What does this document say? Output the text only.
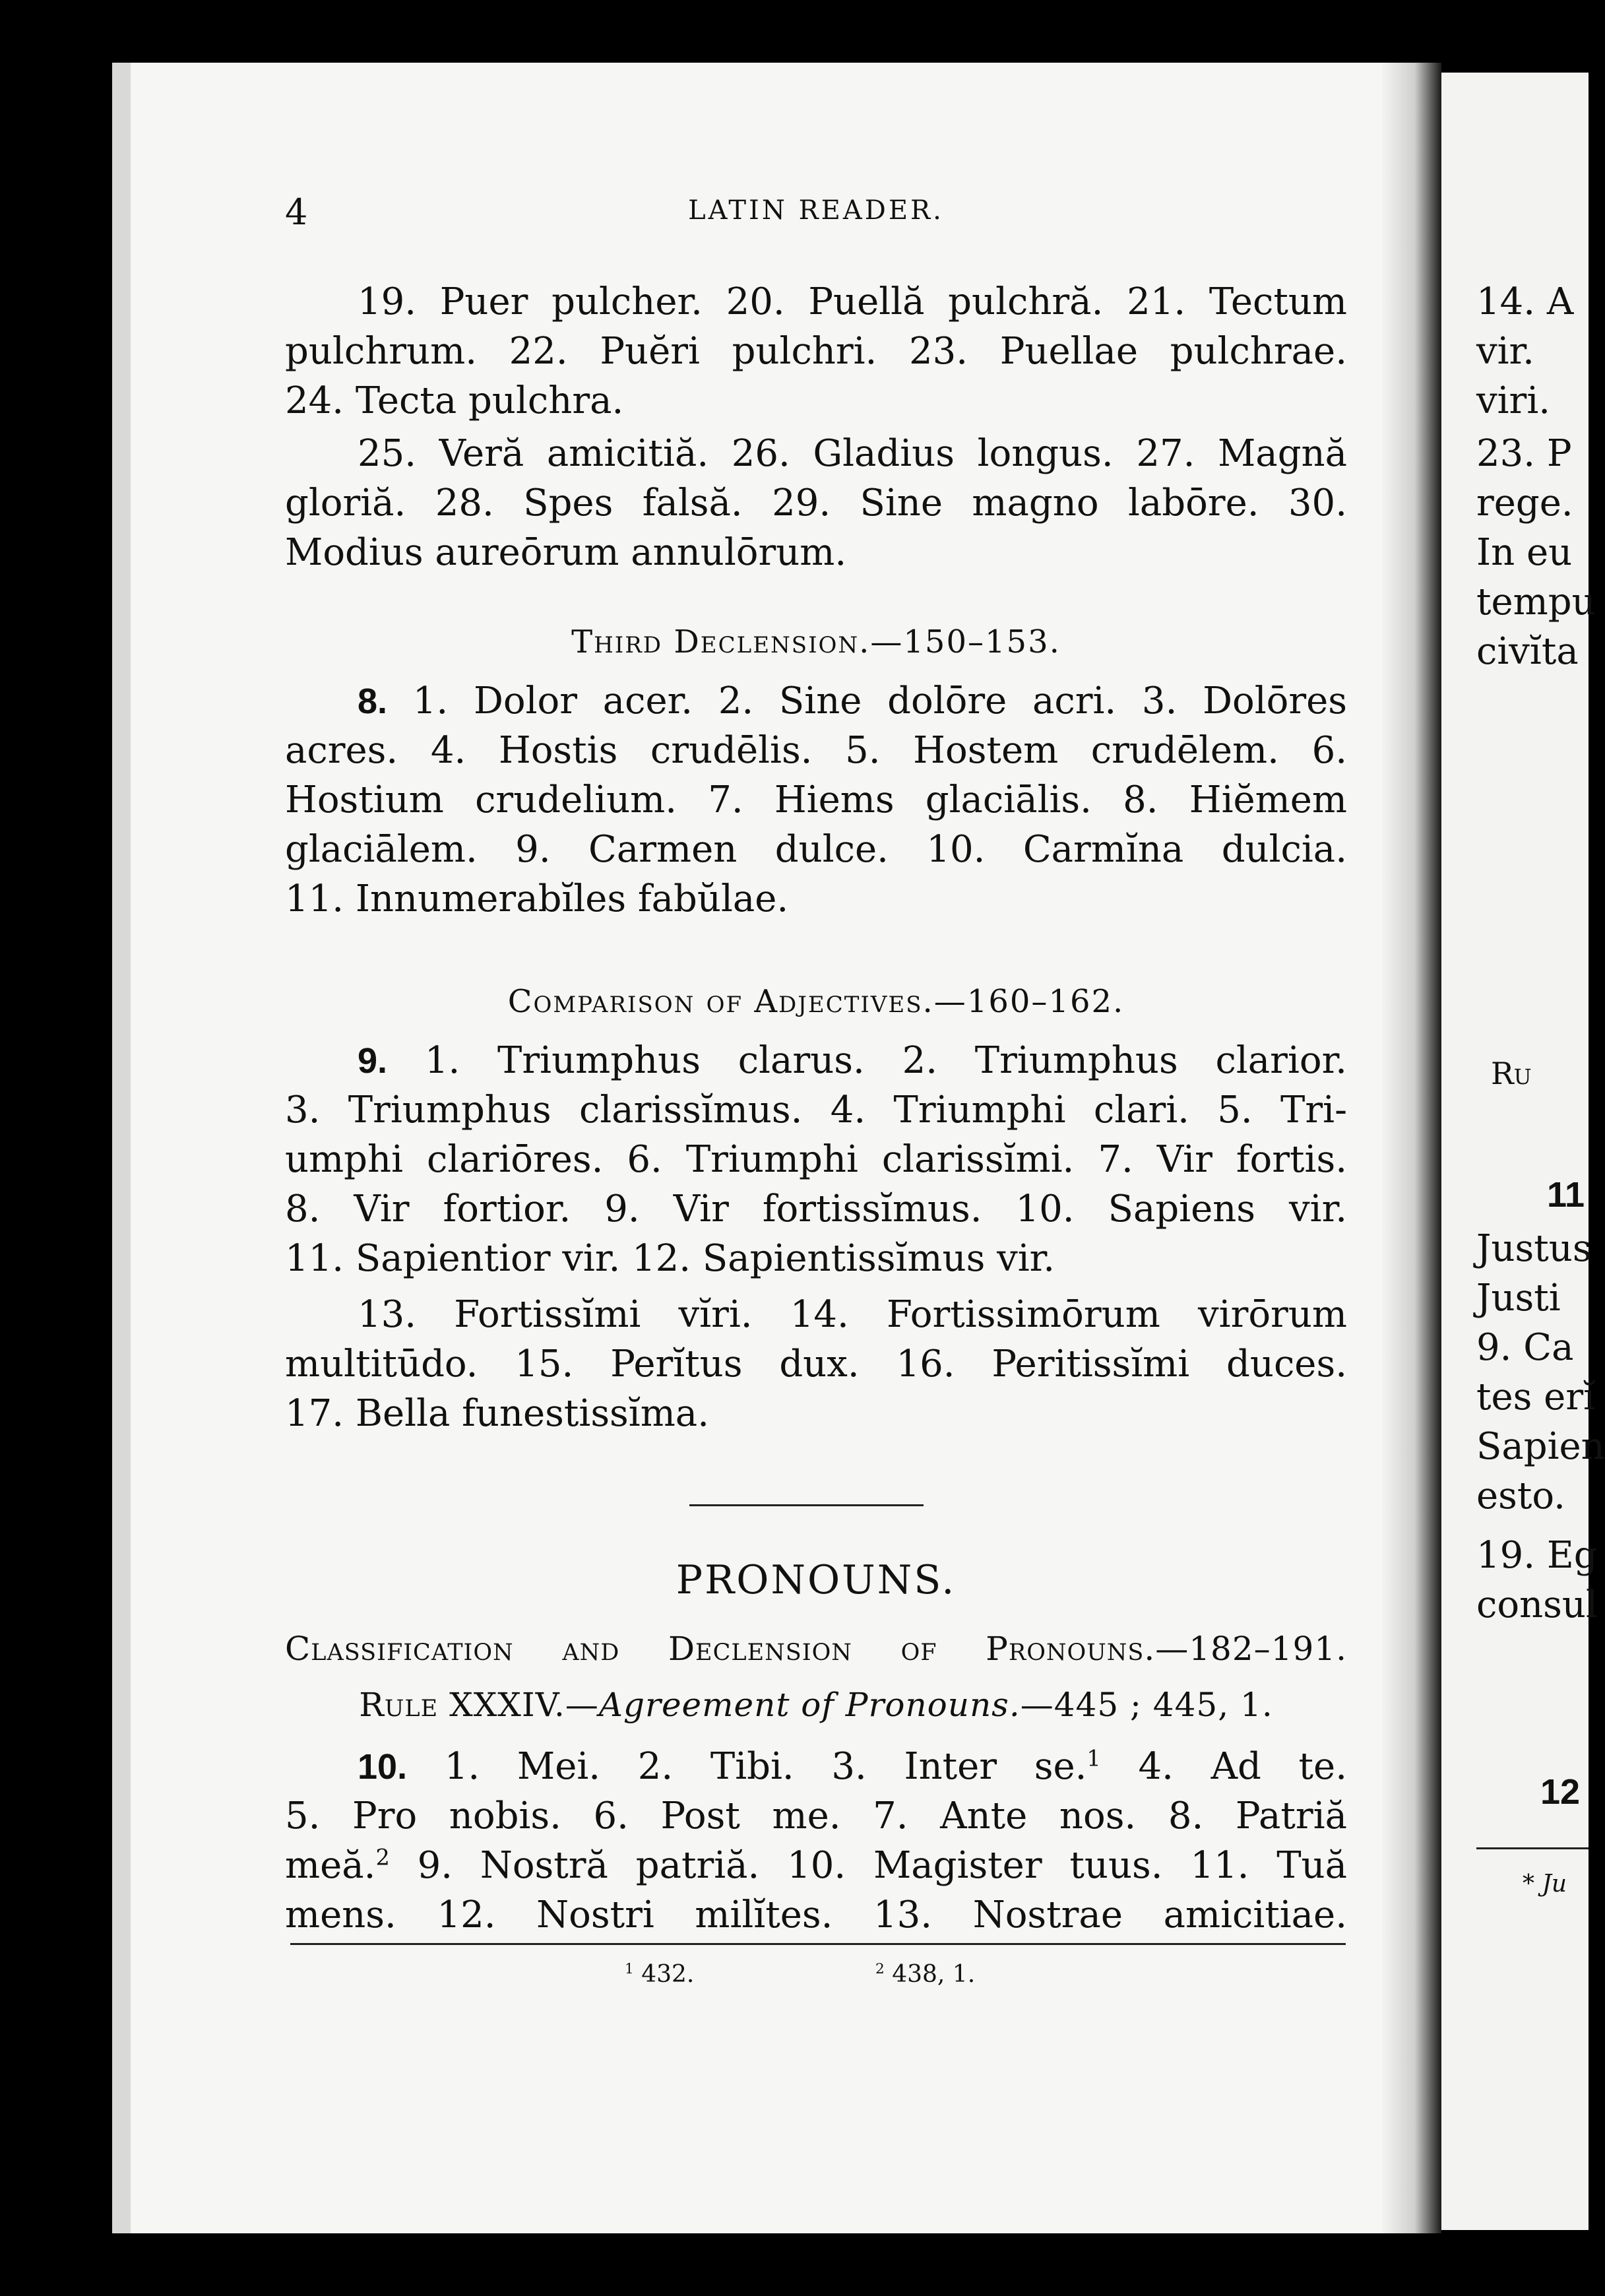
4	LATIN READER.
19. Puer pulcher. 20. Puellă pulchră. 21. Tectum
pulchrum. 22. Puĕri pulchri. 23. Puellae pulchrae.
24. Tecta pulchra.
25. Veră amicitiă. 26. Gladius longus. 27. Magnă
gloriă. 28. Spes falsă. 29. Sine magno labōre. 30.
Modius aureōrum annulōrum.
Third Declension.—150–153.
8. 1. Dolor acer. 2. Sine dolōre acri. 3. Dolōres
acres. 4. Hostis crudēlis. 5. Hostem crudēlem. 6.
Hostium crudelium. 7. Hiems glaciālis. 8. Hiĕmem
glaciālem. 9. Carmen dulce. 10. Carmĭna dulcia.
11. Innumerabĭles fabŭlae.
Comparison of Adjectives.—160–162.
9. 1. Triumphus clarus. 2. Triumphus clarior.
3. Triumphus clarissĭmus. 4. Triumphi clari. 5. Tri-
umphi clariōres. 6. Triumphi clarissĭmi. 7. Vir fortis.
8. Vir fortior. 9. Vir fortissĭmus. 10. Sapiens vir.
11. Sapientior vir. 12. Sapientissĭmus vir.
13. Fortissĭmi vĭri. 14. Fortissimōrum virōrum
multitūdo. 15. Perĭtus dux. 16. Peritissĭmi duces.
17. Bella funestissĭma.
PRONOUNS.
Classification and Declension of Pronouns.—182–191.
Rule XXXIV.—Agreement of Pronouns.—445 ; 445, 1.
10. 1. Mei. 2. Tibi. 3. Inter se.$^1$ 4. Ad te.
5. Pro nobis. 6. Post me. 7. Ante nos. 8. Patriă
meă.$^2$ 9. Nostră patriă. 10. Magister tuus. 11. Tuă
mens. 12. Nostri milĭtes. 13. Nostrae amicitiae.
$^1$ 432.	$^2$ 438, 1.
14. A
vir.
viri.
23. P
rege.
In eu
tempu
civĭta
Ru
11
Justus
Justi
9. Ca
tes erĭ
Sapien
esto.
19. Eg
consul
12
* Ju
